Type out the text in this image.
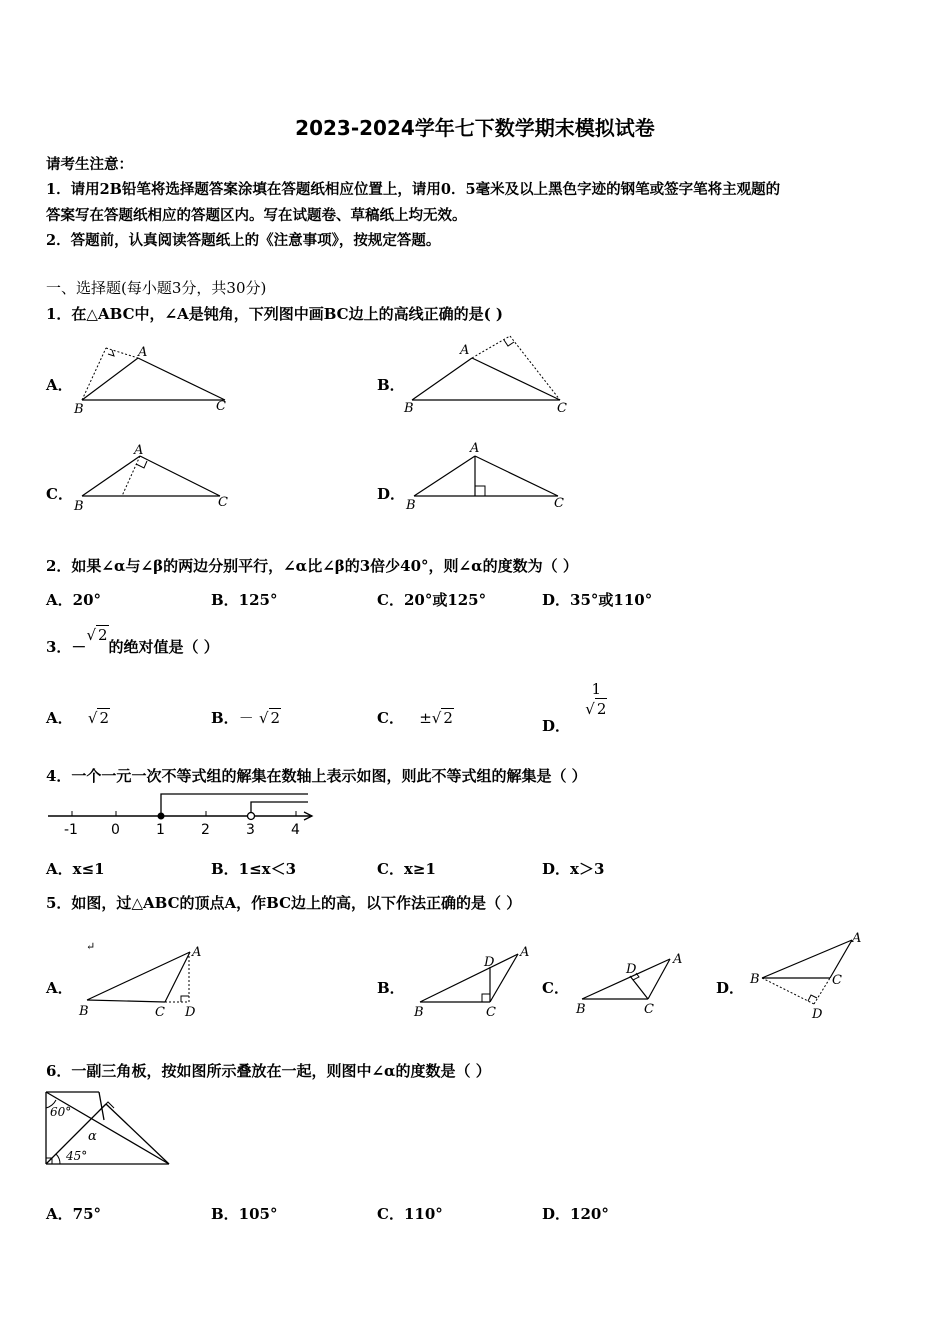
2023-2024学年七下数学期末模拟试卷
请考生注意：
1．请用2B铅笔将选择题答案涂填在答题纸相应位置上，请用0．5毫米及以上黑色字迹的钢笔或签字笔将主观题的
答案写在答题纸相应的答题区内。写在试题卷、草稿纸上均无效。
2．答题前，认真阅读答题纸上的《注意事项》，按规定答题。
一、选择题(每小题3分，共30分)
1．在△ABC中，∠A是钝角，下列图中画BC边上的高线正确的是( )
A．
A
B	C
B．
A
B	C
C．
A
B	C	D．
A
B	C
2．如果∠α与∠β的两边分别平行，∠α比∠β的3倍少40°，则∠α的度数为（ ）
A．20°	B．125°	C．20°或125°	D．35°或110°
3．－√ 2的绝对值是（ ）
A． √ 2	B．－ √ 2	C． ±√ 2	D．
1
√ 2
4．一个一元一次不等式组的解集在数轴上表示如图，则此不等式组的解集是（ ）
-1 0	1	2	3	4
A．x≤1	B．1≤x＜3	C．x≥1	D．x＞3
5．如图，过△ABC的顶点A，作BC边上的高，以下作法正确的是（ ）
A．
↵	A
B	C D
B．
A
B	C
D
C．
A
B	C
D
D．
A
B	C
D
6．一副三角板，按如图所示叠放在一起，则图中∠α的度数是（ ）
60°
α
45°
A．75°	B．105°	C．110°	D．120°
